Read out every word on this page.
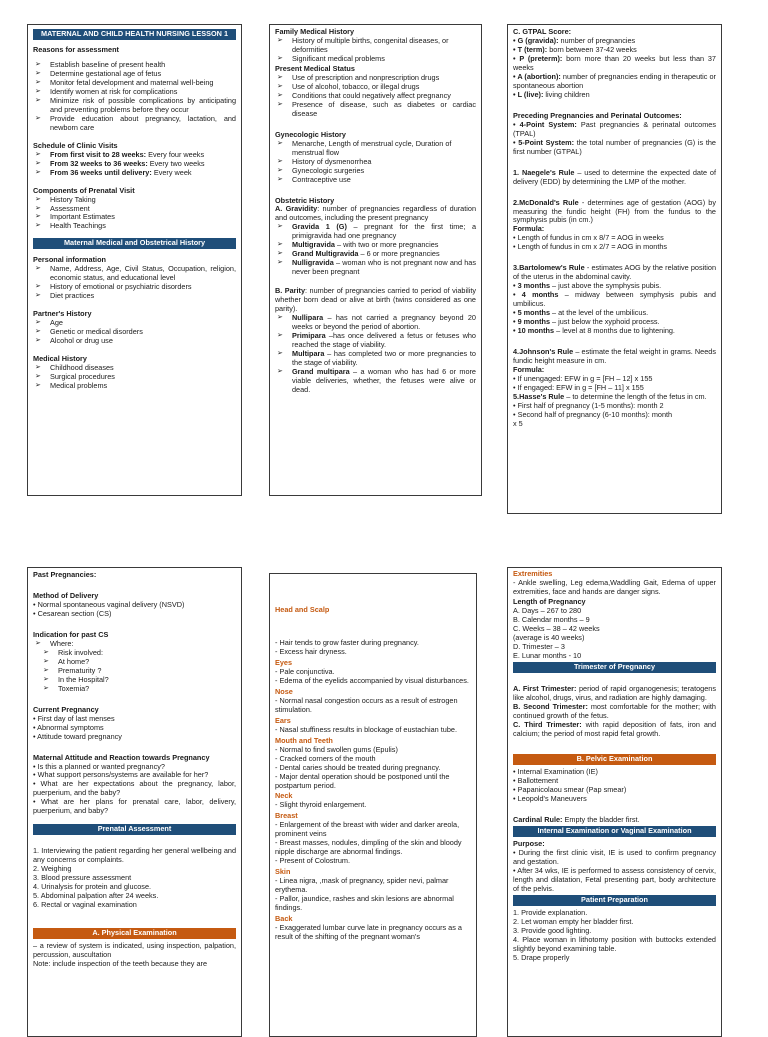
MATERNAL AND CHILD HEALTH NURSING LESSON 1
Reasons for assessment
➢ Establish baseline of present health
➢ Determine gestational age of fetus
➢ Monitor fetal development and maternal well-being
➢ Identify women at risk for complications
➢ Minimize risk of possible complications by anticipating and preventing problems before they occur
➢ Provide education about pregnancy, lactation, and newborn care
Schedule of Clinic Visits
➢ From first visit to 28 weeks: Every four weeks
➢ From 32 weeks to 36 weeks: Every two weeks
➢ From 36 weeks until delivery: Every week
Components of Prenatal Visit
➢ History Taking
➢ Assessment
➢ Important Estimates
➢ Health Teachings
Maternal Medical and Obstetrical History
Personal information
➢ Name, Address, Age, Civil Status, Occupation, religion, economic status, and educational level
➢ History of emotional or psychiatric disorders
➢ Diet practices
Partner's History
➢ Age
➢ Genetic or medical disorders
➢ Alcohol or drug use
Medical History
➢ Childhood diseases
➢ Surgical procedures
➢ Medical problems
Family Medical History
➢ History of multiple births, congenital diseases, or deformities
➢ Significant medical problems
Present Medical Status
➢ Use of prescription and nonprescription drugs
➢ Use of alcohol, tobacco, or illegal drugs
➢ Conditions that could negatively affect pregnancy
➢ Presence of disease, such as diabetes or cardiac disease
Gynecologic History
➢ Menarche, Length of menstrual cycle, Duration of menstrual flow
➢ History of dysmenorrhea
➢ Gynecologic surgeries
➢ Contraceptive use
Obstetric History
A. Gravidity: number of pregnancies regardless of duration and outcomes, including the present pregnancy
➢ Gravida 1 (G) – pregnant for the first time; a primigravida had one pregnancy
➢ Multigravida – with two or more pregnancies
➢ Grand Multigravida – 6 or more pregnancies
➢ Nulligravida – woman who is not pregnant now and has never been pregnant
B. Parity: number of pregnancies carried to period of viability whether born dead or alive at birth (twins considered as one parity).
➢ Nullipara – has not carried a pregnancy beyond 20 weeks or beyond the period of abortion.
➢ Primipara –has once delivered a fetus or fetuses who reached the stage of viability.
➢ Multipara – has completed two or more pregnancies to the stage of viability.
➢ Grand multipara – a woman who has had 6 or more viable deliveries, whether, the fetuses were alive or dead.
C. GTPAL Score:
• G (gravida): number of pregnancies
• T (term): born between 37-42 weeks
• P (preterm): born more than 20 weeks but less than 37 weeks
• A (abortion): number of pregnancies ending in therapeutic or spontaneous abortion
• L (live): living children
Preceding Pregnancies and Perinatal Outcomes:
• 4-Point System: Past pregnancies & perinatal outcomes (TPAL)
• 5-Point System: the total number of pregnancies (G) is the first number (GTPAL)
1. Naegele's Rule – used to determine the expected date of delivery (EDD) by determining the LMP of the mother.
2.McDonald's Rule - determines age of gestation (AOG) by measuring the fundic height (FH) from the fundus to the symphysis pubis (in cm.)
Formula:
• Length of fundus in cm x 8/7 = AOG in weeks
• Length of fundus in cm x 2/7 = AOG in months
3.Bartolomew's Rule - estimates AOG by the relative position of the uterus in the abdominal cavity.
• 3 months – just above the symphysis pubis.
• 4 months – midway between symphysis pubis and umbilicus.
• 5 months – at the level of the umbilicus.
• 9 months – just below the xyphoid process.
• 10 months – level at 8 months due to lightening.
4.Johnson's Rule – estimate the fetal weight in grams. Needs fundic height measure in cm.
Formula:
• If unengaged: EFW in g = [FH – 12] x 155
• If engaged: EFW in g = [FH – 11] x 155
5.Hasse's Rule – to determine the length of the fetus in cm.
• First half of pregnancy (1-5 months): month 2
• Second half of pregnancy (6-10 months): month
x 5
Past Pregnancies:
Method of Delivery
• Normal spontaneous vaginal delivery (NSVD)
• Cesarean section (CS)
Indication for past CS
➢ Where:
➢ Risk involved:
➢ At home?
➢ Prematurity ?
➢ In the Hospital?
➢ Toxemia?
Current Pregnancy
• First day of last menses
• Abnormal symptoms
• Attitude toward pregnancy
Maternal Attitude and Reaction towards Pregnancy
• Is this a planned or wanted pregnancy?
• What support persons/systems are available for her?
• What are her expectations about the pregnancy, labor, puerperium, and the baby?
• What are her plans for prenatal care, labor, delivery, puerperium, and baby?
Prenatal Assessment
1. Interviewing the patient regarding her general wellbeing and any concerns or complaints.
2. Weighing
3. Blood pressure assessment
4. Urinalysis for protein and glucose.
5. Abdominal palpation after 24 weeks.
6. Rectal or vaginal examination
A. Physical Examination
– a review of system is indicated, using inspection, palpation, percussion, auscultation
Note: include inspection of the teeth because they are
Head and Scalp
- Hair tends to grow faster during pregnancy.
- Excess hair dryness.
Eyes
- Pale conjunctiva.
- Edema of the eyelids accompanied by visual disturbances.
Nose
- Normal nasal congestion occurs as a result of estrogen stimulation.
Ears
- Nasal stuffiness results in blockage of eustachian tube.
Mouth and Teeth
- Normal to find swollen gums (Epulis)
- Cracked corners of the mouth
- Dental caries should be treated during pregnancy.
- Major dental operation should be postponed until the postpartum period.
Neck
- Slight thyroid enlargement.
Breast
- Enlargement of the breast with wider and darker areola, prominent veins
- Breast masses, nodules, dimpling of the skin and bloody nipple discharge are abnormal findings.
- Present of Colostrum.
Skin
- Linea nigra, ,mask of pregnancy, spider nevi, palmar erythema.
- Pallor, jaundice, rashes and skin lesions are abnormal findings.
Back
- Exaggerated lumbar curve late in pregnancy occurs as a result of the shifting of the pregnant woman's
Extremities
- Ankle swelling, Leg edema,Waddling Gait, Edema of upper extremities, face and hands are danger signs.
Length of Pregnancy
A. Days – 267 to 280
B. Calendar months – 9
C. Weeks – 38 – 42 weeks
(average is 40 weeks)
D. Trimester – 3
E. Lunar months - 10
Trimester of Pregnancy
A. First Trimester: period of rapid organogenesis; teratogens like alcohol, drugs, virus, and radiation are highly damaging.
B. Second Trimester: most comfortable for the mother; with continued growth of the fetus.
C. Third Trimester: with rapid deposition of fats, iron and calcium; the period of most rapid fetal growth.
B. Pelvic Examination
• Internal Examination (IE)
• Ballottement
• Papanicolaou smear (Pap smear)
• Leopold's Maneuvers
Cardinal Rule: Empty the bladder first.
Internal Examination or Vaginal Examination
Purpose:
• During the first clinic visit, IE is used to confirm pregnancy and gestation.
• After 34 wks, IE is performed to assess consistency of cervix, length and dilatation, Fetal presenting part, body architecture of the pelvis.
Patient Preparation
1. Provide explanation.
2. Let woman empty her bladder first.
3. Provide good lighting.
4. Place woman in lithotomy position with buttocks extended slightly beyond examining table.
5. Drape properly
